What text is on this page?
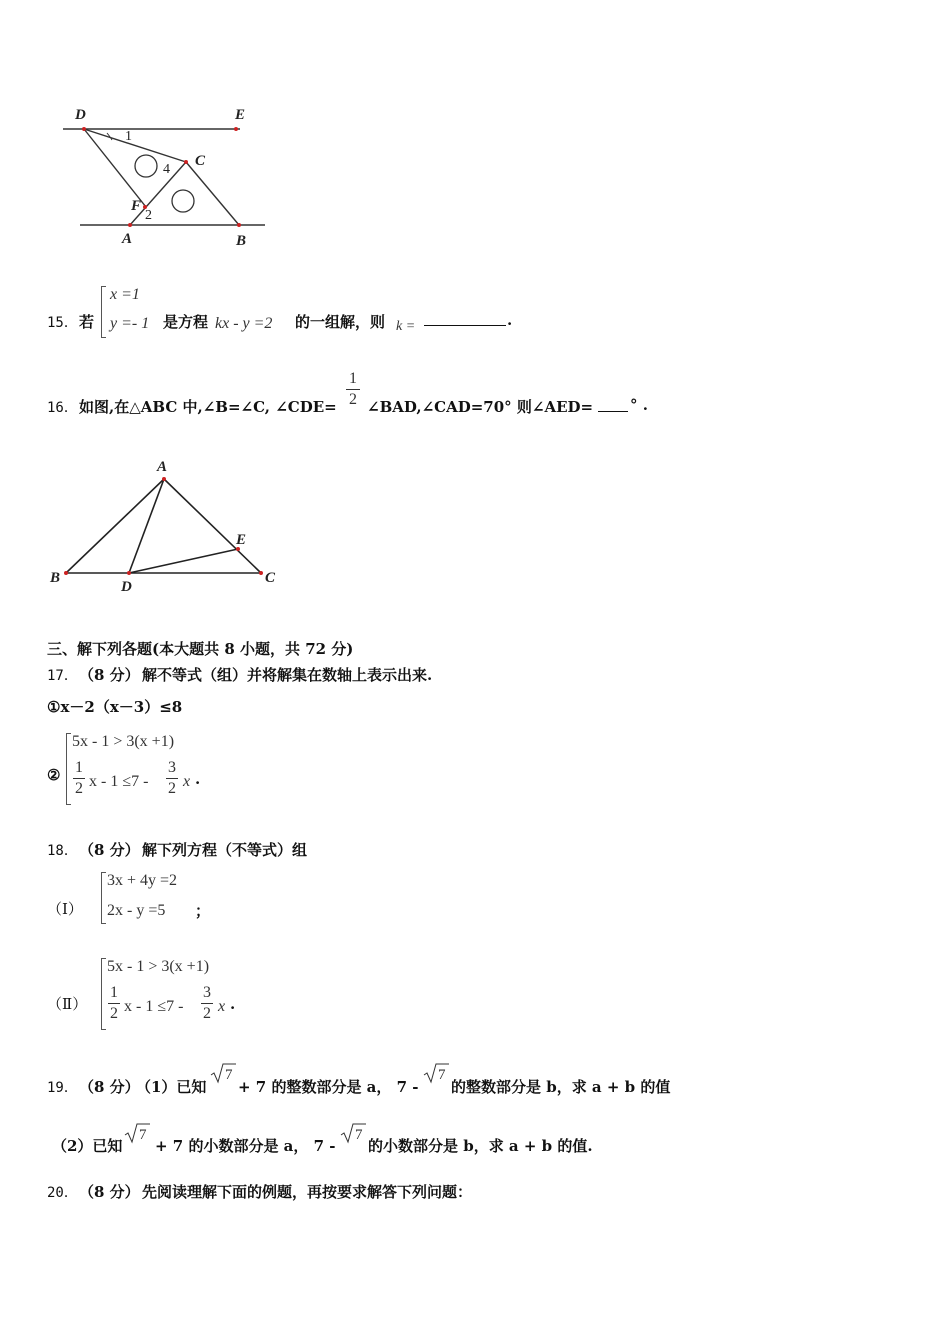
D	E
C
F
A	B
1
2
4
15． 若
x =1
y =- 1 是方程 kx - y =2 的一组解，则 k =	.
16． 如图,在△ABC 中,∠B=∠C, ∠CDE=
1
2 ∠BAD,∠CAD=70° 则∠AED= ° .
A
B	C
D
E
三、解下列各题(本大题共 8 小题，共 72 分)
17． （8 分） 解不等式（组）并将解集在数轴上表示出来.
①x－2（x－3）≤8
②
5x - 1 > 3(x +1)
1
2 x - 1 ≤7 -
3
2 x .
18． （8 分） 解下列方程（不等式）组
（Ⅰ）
3x + 4y =2
2x - y =5 ；
（Ⅱ）
5x - 1 > 3(x +1)
1
2 x - 1 ≤7 -
3
2 x .
19． （8 分）
（1）已知
7
+ 7 的整数部分是 a， 7 -
7
的整数部分是 b，求 a + b 的值
（2）已知
7
+ 7 的小数部分是 a， 7 -
7
的小数部分是 b，求 a + b 的值.
20． （8 分） 先阅读理解下面的例题，再按要求解答下列问题：
